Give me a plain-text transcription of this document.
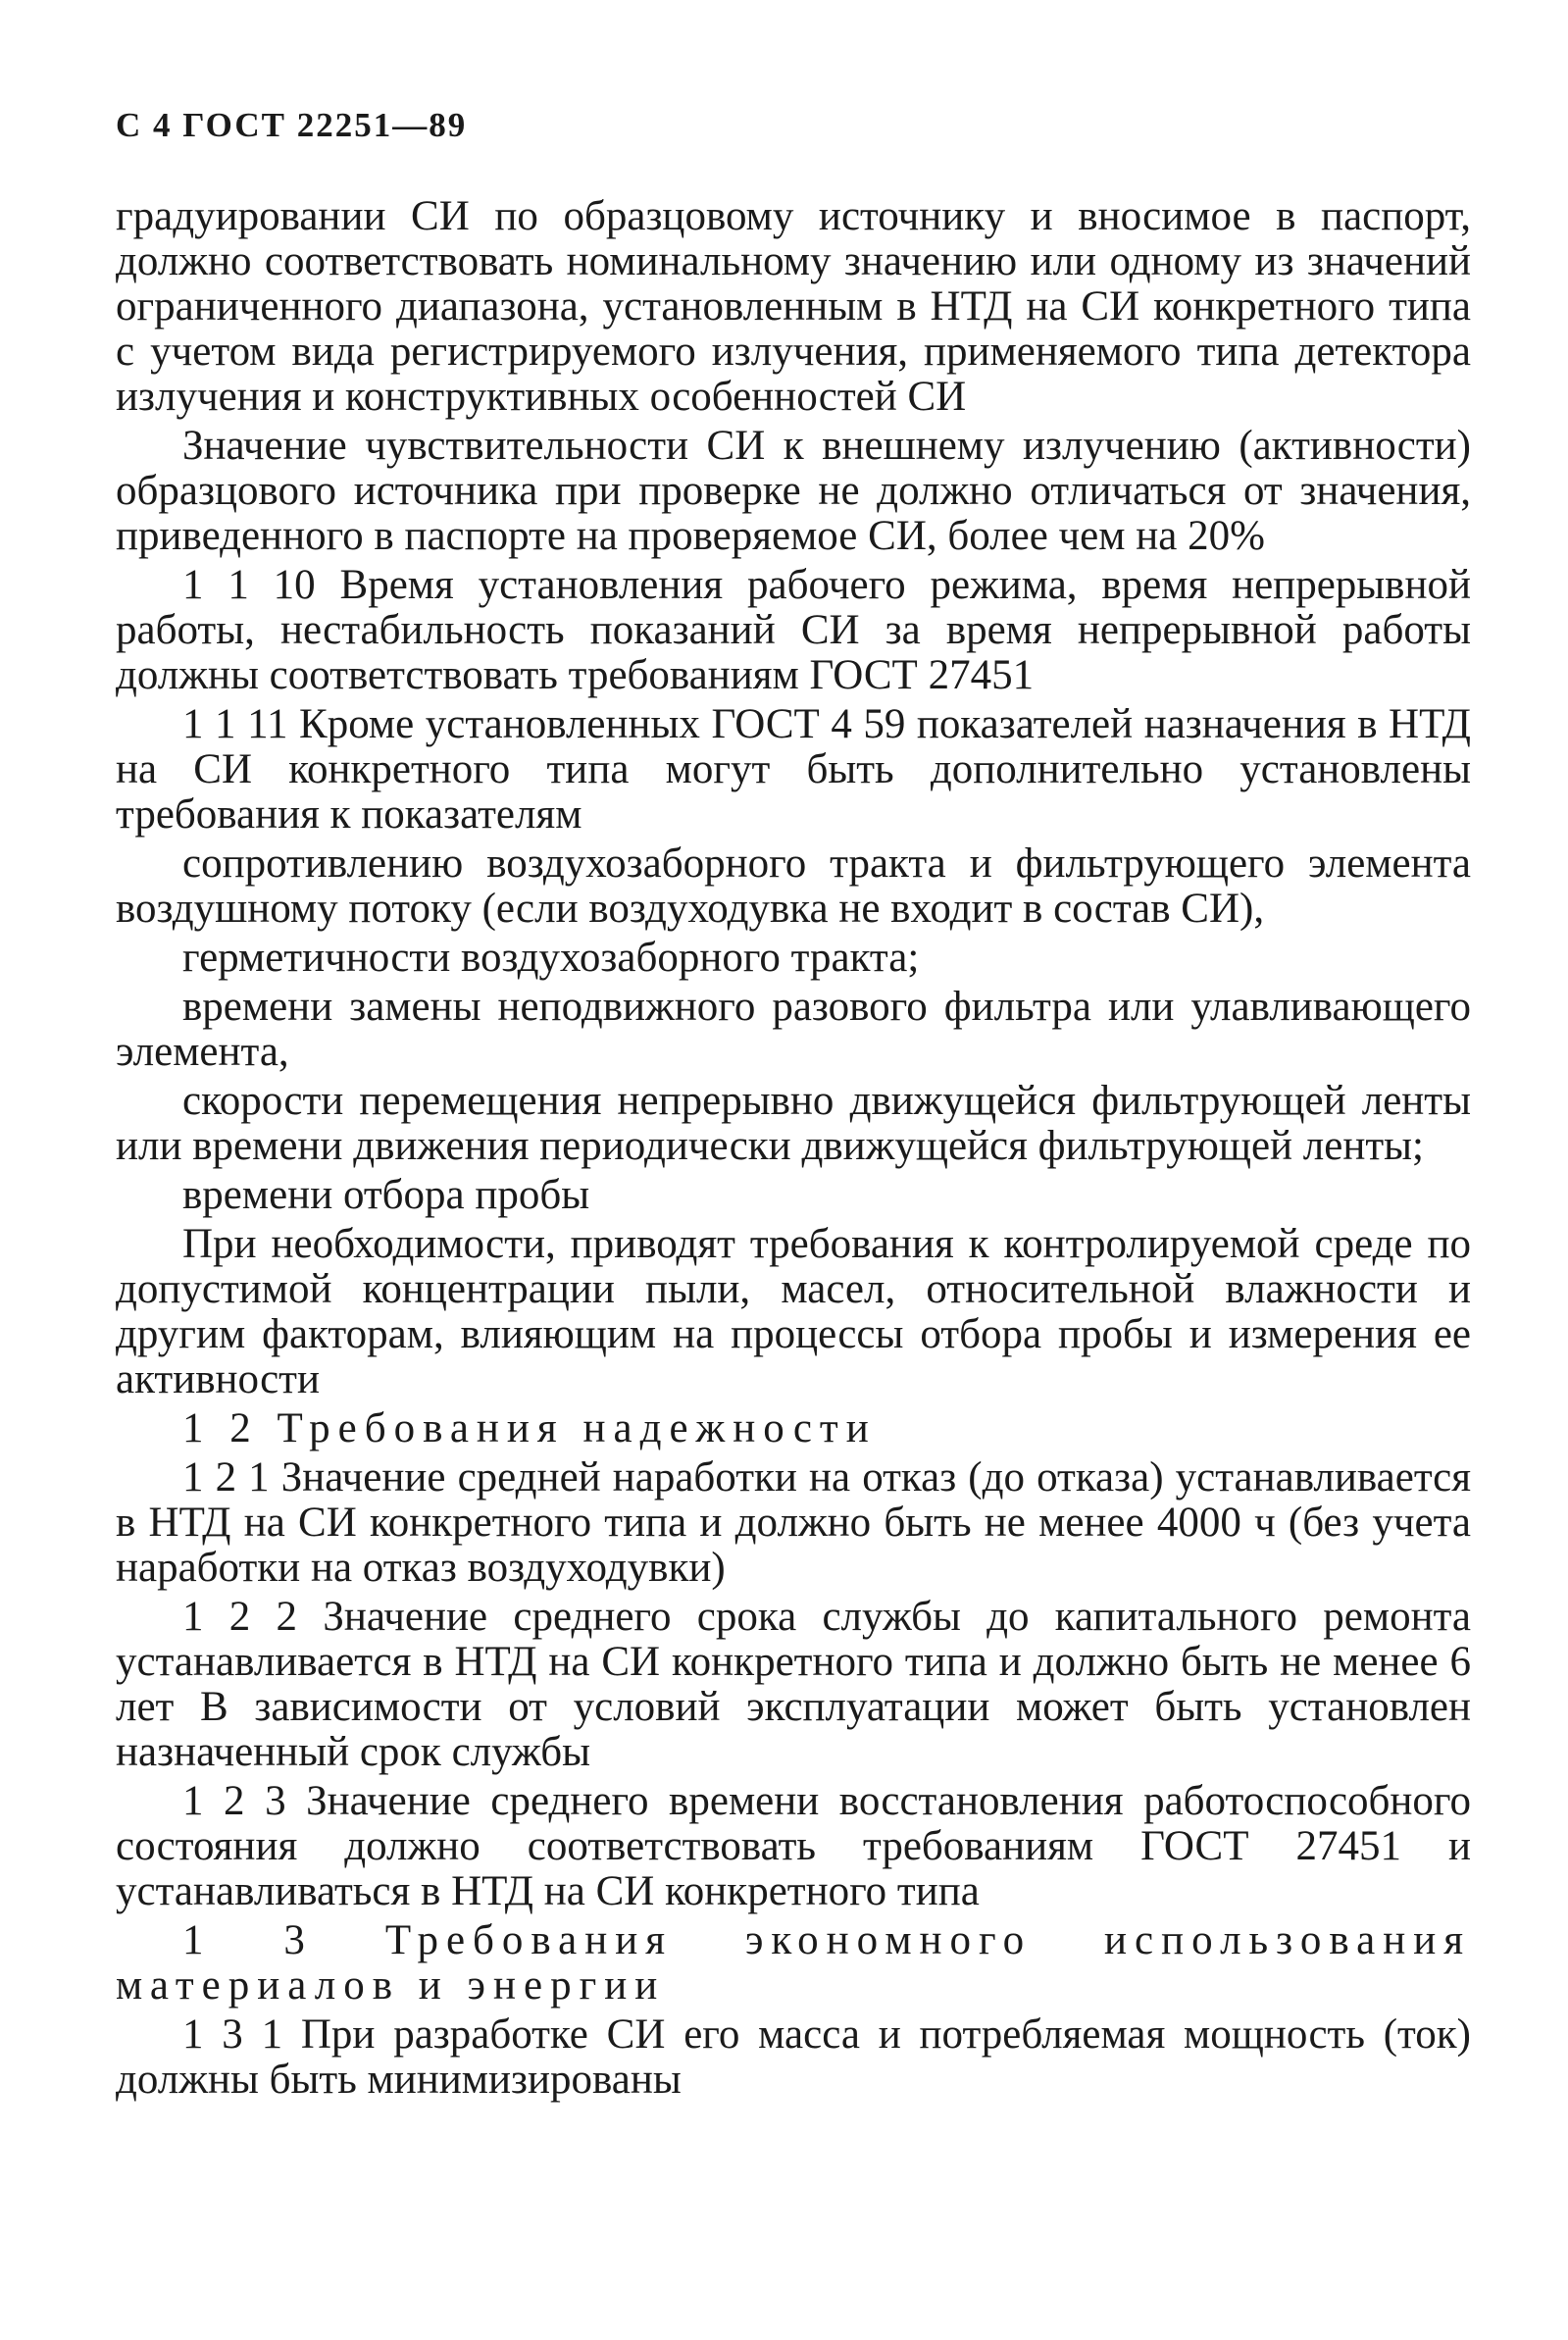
С 4 ГОСТ 22251—89

градуировании СИ по образцовому источнику и вносимое в паспорт, должно соответствовать номинальному значению или одному из значений ограниченного диапазона, установленным в НТД на СИ конкретного типа с учетом вида регистрируемого излучения, применяемого типа детектора излучения и конструктивных особенностей СИ

Значение чувствительности СИ к внешнему излучению (активности) образцового источника при проверке не должно отличаться от значения, приведенного в паспорте на проверяемое СИ, более чем на 20%

1 1 10 Время установления рабочего режима, время непрерывной работы, нестабильность показаний СИ за время непрерывной работы должны соответствовать требованиям ГОСТ 27451

1 1 11 Кроме установленных ГОСТ 4 59 показателей назначения в НТД на СИ конкретного типа могут быть дополнительно установлены требования к показателям

сопротивлению воздухозаборного тракта и фильтрующего элемента воздушному потоку (если воздуходувка не входит в состав СИ),

герметичности воздухозаборного тракта;

времени замены неподвижного разового фильтра или улавливающего элемента,

скорости перемещения непрерывно движущейся фильтрующей ленты или времени движения периодически движущейся фильтрующей ленты;

времени отбора пробы

При необходимости, приводят требования к контролируемой среде по допустимой концентрации пыли, масел, относительной влажности и другим факторам, влияющим на процессы отбора пробы и измерения ее активности

1 2 Требования надежности

1 2 1 Значение средней наработки на отказ (до отказа) устанавливается в НТД на СИ конкретного типа и должно быть не менее 4000 ч (без учета наработки на отказ воздуходувки)

1 2 2 Значение среднего срока службы до капитального ремонта устанавливается в НТД на СИ конкретного типа и должно быть не менее 6 лет В зависимости от условий эксплуатации может быть установлен назначенный срок службы

1 2 3 Значение среднего времени восстановления работоспособного состояния должно соответствовать требованиям ГОСТ 27451 и устанавливаться в НТД на СИ конкретного типа

1 3 Требования экономного использования материалов и энергии

1 3 1 При разработке СИ его масса и потребляемая мощность (ток) должны быть минимизированы
